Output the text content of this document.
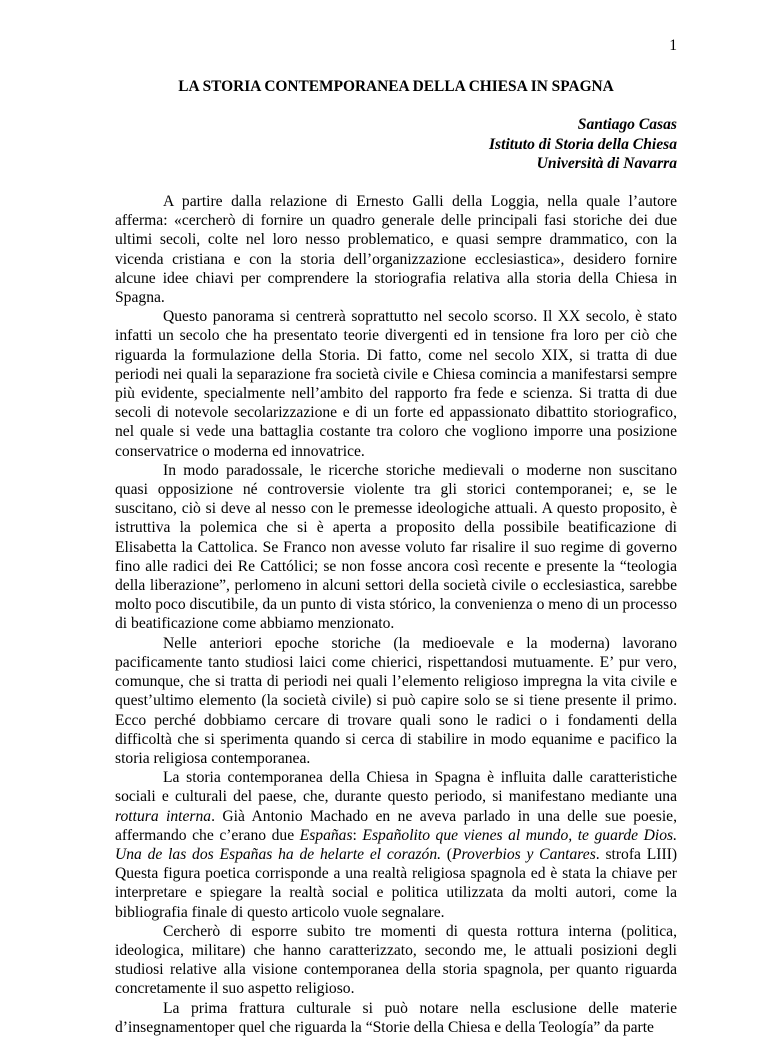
1
LA STORIA CONTEMPORANEA DELLA CHIESA IN SPAGNA
Santiago Casas
Istituto di Storia della Chiesa
Università di Navarra

A partire dalla relazione di Ernesto Galli della Loggia, nella quale l’autore afferma: «cercherò di fornire un quadro generale delle principali fasi storiche dei due ultimi secoli, colte nel loro nesso problematico, e quasi sempre drammatico, con la vicenda cristiana e con la storia dell’organizzazione ecclesiastica», desidero fornire alcune idee chiavi per comprendere la storiografia relativa alla storia della Chiesa in Spagna.

Questo panorama si centrerà soprattutto nel secolo scorso. Il XX secolo, è stato infatti un secolo che ha presentato teorie divergenti ed in tensione fra loro per ciò che riguarda la formulazione della Storia. Di fatto, come nel secolo XIX, si tratta di due periodi nei quali la separazione fra società civile e Chiesa comincia a manifestarsi sempre più evidente, specialmente nell’ambito del rapporto fra fede e scienza. Si tratta di due secoli di notevole secolarizzazione e di un forte ed appassionato dibattito storiografico, nel quale si vede una battaglia costante tra coloro che vogliono imporre una posizione conservatrice o moderna ed innovatrice.

In modo paradossale, le ricerche storiche medievali o moderne non suscitano quasi opposizione né controversie violente tra gli storici contemporanei; e, se le suscitano, ciò si deve al nesso con le premesse ideologiche attuali. A questo proposito, è istruttiva la polemica che si è aperta a proposito della possibile beatificazione di Elisabetta la Cattolica. Se Franco non avesse voluto far risalire il suo regime di governo fino alle radici dei Re Cattólici; se non fosse ancora così recente e presente la “teologia della liberazione”, perlomeno in alcuni settori della società civile o ecclesiastica, sarebbe molto poco discutibile, da un punto di vista stórico, la convenienza o meno di un processo di beatificazione come abbiamo menzionato.

Nelle anteriori epoche storiche (la medioevale e la moderna) lavorano pacificamente tanto studiosi laici come chierici, rispettandosi mutuamente. E’ pur vero, comunque, che si tratta di periodi nei quali l’elemento religioso impregna la vita civile e quest’ultimo elemento (la società civile) si può capire solo se si tiene presente il primo. Ecco perché dobbiamo cercare di trovare quali sono le radici o i fondamenti della difficoltà che si sperimenta quando si cerca di stabilire in modo equanime e pacifico la storia religiosa contemporanea.

La storia contemporanea della Chiesa in Spagna è influita dalle caratteristiche sociali e culturali del paese, che, durante questo periodo, si manifestano mediante una rottura interna. Già Antonio Machado en ne aveva parlado in una delle sue poesie, affermando che c’erano due Españas: Españolito que vienes al mundo, te guarde Dios. Una de las dos Españas ha de helarte el corazón. (Proverbios y Cantares. strofa LIII) Questa figura poetica corrisponde a una realtà religiosa spagnola ed è stata la chiave per interpretare e spiegare la realtà social e politica utilizzata da molti autori, come la bibliografia finale di questo articolo vuole segnalare.

Cercherò di esporre subito tre momenti di questa rottura interna (politica, ideologica, militare) che hanno caratterizzato, secondo me, le attuali posizioni degli studiosi relative alla visione contemporanea della storia spagnola, per quanto riguarda concretamente il suo aspetto religioso.

La prima frattura culturale si può notare nella esclusione delle materie d’insegnamentoper quel che riguarda la “Storie della Chiesa e della Teología” da parte
